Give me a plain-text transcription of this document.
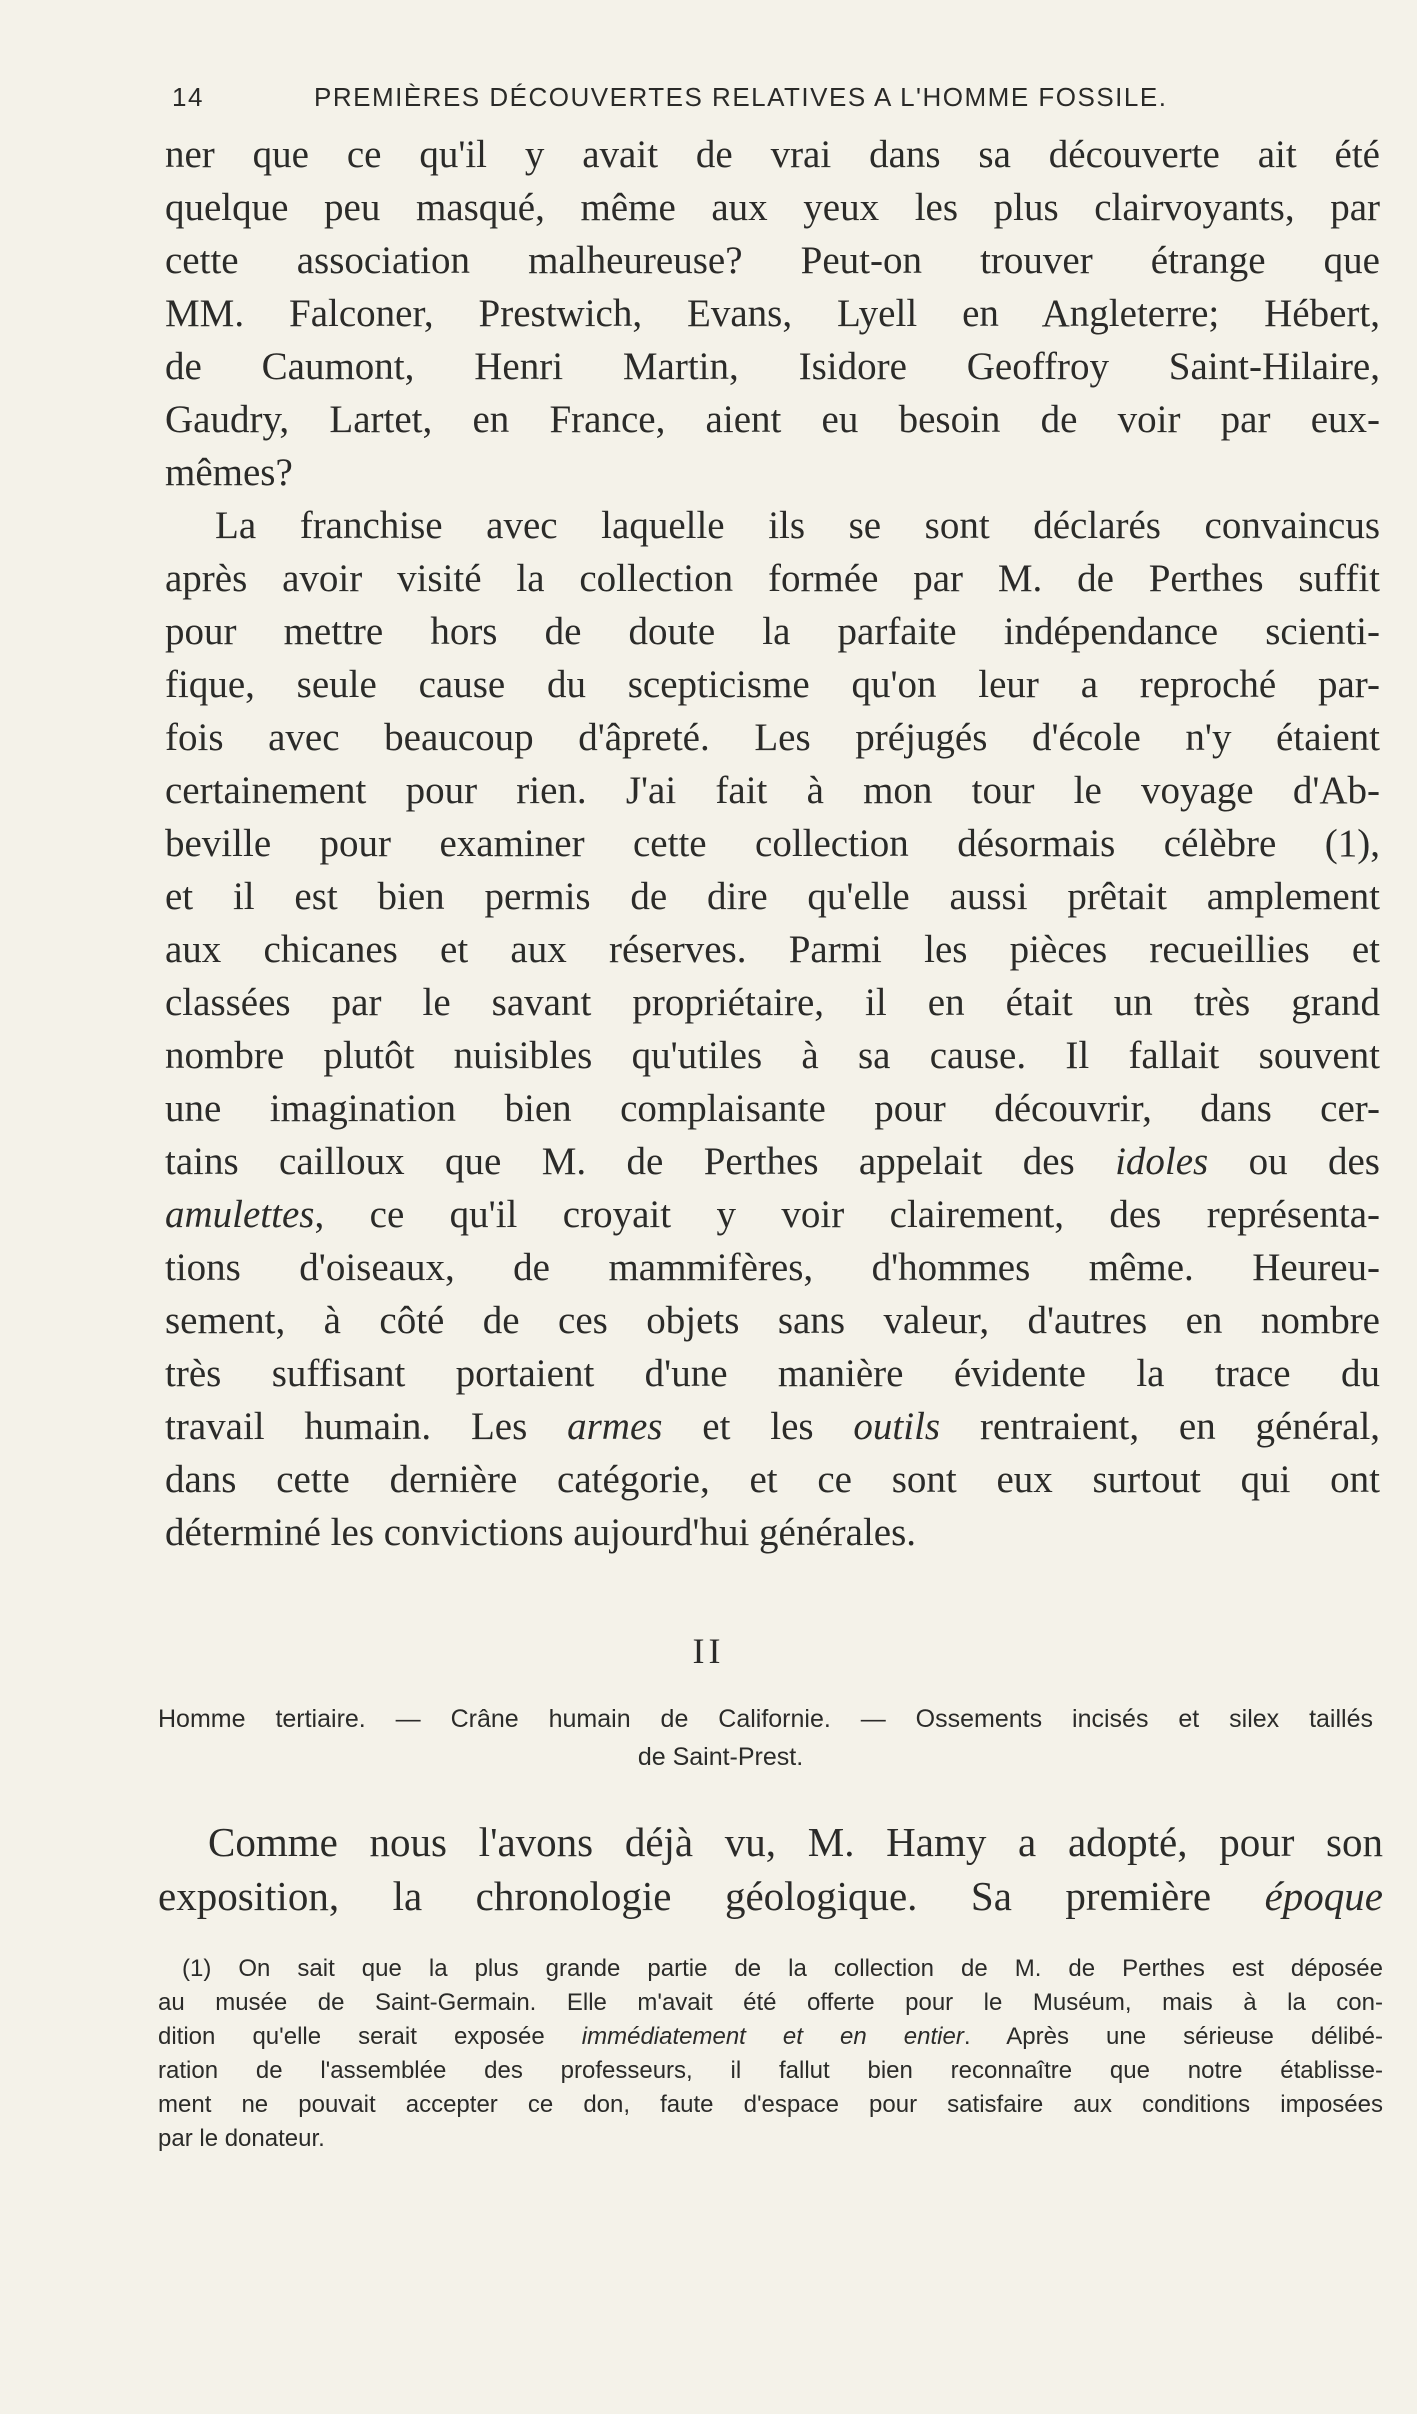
14	PREMIÈRES DÉCOUVERTES RELATIVES A L'HOMME FOSSILE.
ner que ce qu'il y avait de vrai dans sa découverte ait été
quelque peu masqué, même aux yeux les plus clairvoyants, par
cette association malheureuse? Peut-on trouver étrange que
MM. Falconer, Prestwich, Evans, Lyell en Angleterre; Hébert,
de Caumont, Henri Martin, Isidore Geoffroy Saint-Hilaire,
Gaudry, Lartet, en France, aient eu besoin de voir par eux-
mêmes?
La franchise avec laquelle ils se sont déclarés convaincus
après avoir visité la collection formée par M. de Perthes suffit
pour mettre hors de doute la parfaite indépendance scienti-
fique, seule cause du scepticisme qu'on leur a reproché par-
fois avec beaucoup d'âpreté. Les préjugés d'école n'y étaient
certainement pour rien. J'ai fait à mon tour le voyage d'Ab-
beville pour examiner cette collection désormais célèbre (1),
et il est bien permis de dire qu'elle aussi prêtait amplement
aux chicanes et aux réserves. Parmi les pièces recueillies et
classées par le savant propriétaire, il en était un très grand
nombre plutôt nuisibles qu'utiles à sa cause. Il fallait souvent
une imagination bien complaisante pour découvrir, dans cer-
tains cailloux que M. de Perthes appelait des idoles ou des
amulettes, ce qu'il croyait y voir clairement, des représenta-
tions d'oiseaux, de mammifères, d'hommes même. Heureu-
sement, à côté de ces objets sans valeur, d'autres en nombre
très suffisant portaient d'une manière évidente la trace du
travail humain. Les armes et les outils rentraient, en général,
dans cette dernière catégorie, et ce sont eux surtout qui ont
déterminé les convictions aujourd'hui générales.
II
Homme tertiaire. — Crâne humain de Californie. — Ossements incisés et silex taillés
de Saint-Prest.
Comme nous l'avons déjà vu, M. Hamy a adopté, pour son
exposition, la chronologie géologique. Sa première époque
(1) On sait que la plus grande partie de la collection de M. de Perthes est déposée
au musée de Saint-Germain. Elle m'avait été offerte pour le Muséum, mais à la con-
dition qu'elle serait exposée immédiatement et en entier. Après une sérieuse délibé-
ration de l'assemblée des professeurs, il fallut bien reconnaître que notre établisse-
ment ne pouvait accepter ce don, faute d'espace pour satisfaire aux conditions imposées
par le donateur.
